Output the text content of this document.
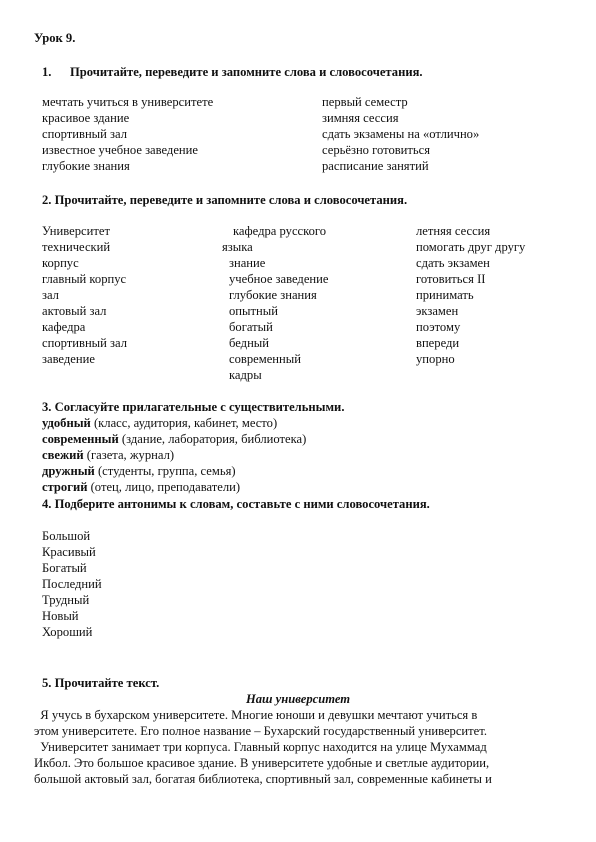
Урок 9.
1. Прочитайте, переведите и запомните слова и словосочетания.
мечтать учиться в университете
красивое здание
спортивный зал
известное учебное заведение
глубокие знания
первый семестр
зимняя сессия
сдать экзамены на «отлично»
серьёзно готовиться
расписание занятий
2. Прочитайте, переведите и запомните слова и словосочетания.
Университет
технический
корпус
главный корпус
зал
актовый зал
кафедра
спортивный зал
заведение
кафедра русского
языка
знание
учебное заведение
глубокие знания
опытный
богатый
бедный
современный
кадры
летняя сессия
помогать друг другу
сдать экзамен
готовиться II
принимать
экзамен
поэтому
впереди
упорно
3. Согласуйте прилагательные с существительными.
удобный (класс, аудитория, кабинет, место)
современный (здание, лаборатория, библиотека)
свежий (газета, журнал)
дружный (студенты, группа, семья)
строгий (отец, лицо, преподаватели)
4. Подберите антонимы к словам, составьте с ними словосочетания.
Большой
Красивый
Богатый
Последний
Трудный
Новый
Хороший
5. Прочитайте текст.
Наш университет
Я учусь в бухарском университете. Многие юноши и девушки мечтают учиться в
этом университете. Его полное название – Бухарский государственный университет.
Университет занимает три корпуса. Главный корпус находится на улице Мухаммад
Икбол. Это большое красивое здание. В университете удобные и светлые аудитории,
большой актовый зал, богатая библиотека, спортивный зал, современные кабинеты и
